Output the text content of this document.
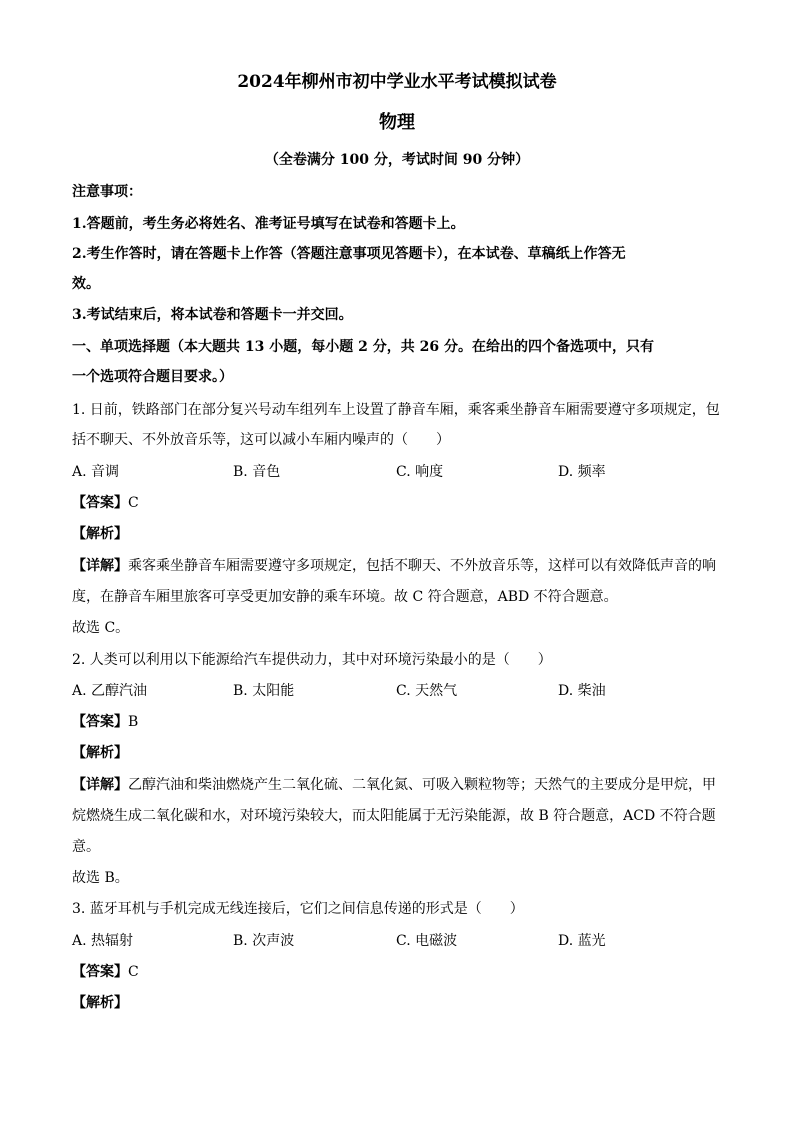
2024年柳州市初中学业水平考试模拟试卷
物理
（全卷满分 100 分，考试时间 90 分钟）
注意事项：
1.答题前，考生务必将姓名、准考证号填写在试卷和答题卡上。
2.考生作答时，请在答题卡上作答（答题注意事项见答题卡），在本试卷、草稿纸上作答无
效。
3.考试结束后，将本试卷和答题卡一并交回。
一、单项选择题（本大题共 13 小题，每小题 2 分，共 26 分。在给出的四个备选项中，只有
一个选项符合题目要求。）
1. 日前，铁路部门在部分复兴号动车组列车上设置了静音车厢，乘客乘坐静音车厢需要遵守多项规定，包
括不聊天、不外放音乐等，这可以减小车厢内噪声的（　　）
A. 音调	B. 音色	C. 响度	D. 频率
【答案】C
【解析】
【详解】乘客乘坐静音车厢需要遵守多项规定，包括不聊天、不外放音乐等，这样可以有效降低声音的响
度，在静音车厢里旅客可享受更加安静的乘车环境。故 C 符合题意，ABD 不符合题意。
故选 C。
2. 人类可以利用以下能源给汽车提供动力，其中对环境污染最小的是（　　）
A. 乙醇汽油	B. 太阳能	C. 天然气	D. 柴油
【答案】B
【解析】
【详解】乙醇汽油和柴油燃烧产生二氧化硫、二氧化氮、可吸入颗粒物等；天然气的主要成分是甲烷，甲
烷燃烧生成二氧化碳和水，对环境污染较大，而太阳能属于无污染能源，故 B 符合题意，ACD 不符合题
意。
故选 B。
3. 蓝牙耳机与手机完成无线连接后，它们之间信息传递的形式是（　　）
A. 热辐射	B. 次声波	C. 电磁波	D. 蓝光
【答案】C
【解析】
